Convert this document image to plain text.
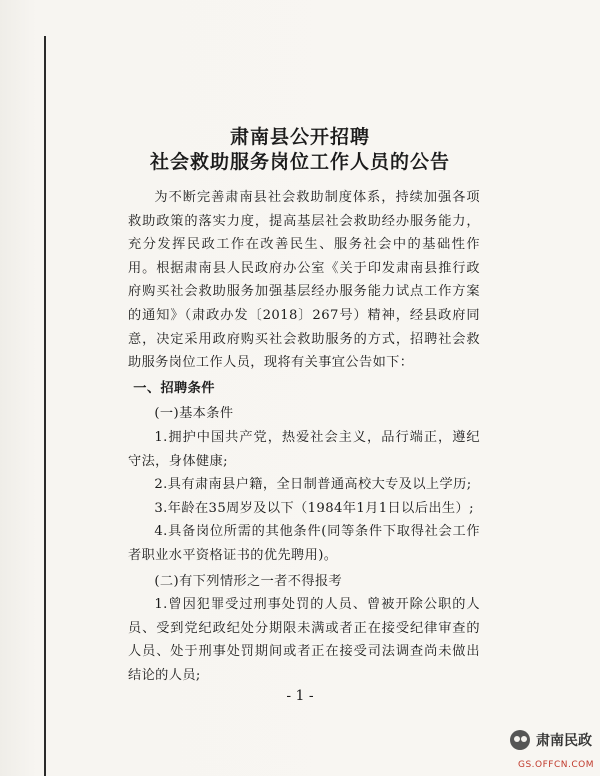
肃南县公开招聘
社会救助服务岗位工作人员的公告

为不断完善肃南县社会救助制度体系，持续加强各项救助政策的落实力度，提高基层社会救助经办服务能力，充分发挥民政工作在改善民生、服务社会中的基础性作用。根据肃南县人民政府办公室《关于印发肃南县推行政府购买社会救助服务加强基层经办服务能力试点工作方案的通知》（肃政办发〔2018〕267号）精神，经县政府同意，决定采用政府购买社会救助服务的方式，招聘社会救助服务岗位工作人员，现将有关事宜公告如下：

一、招聘条件

(一)基本条件

1.拥护中国共产党，热爱社会主义，品行端正，遵纪守法，身体健康;

2.具有肃南县户籍，全日制普通高校大专及以上学历;

3.年龄在35周岁及以下（1984年1月1日以后出生）;

4.具备岗位所需的其他条件(同等条件下取得社会工作者职业水平资格证书的优先聘用)。

(二)有下列情形之一者不得报考

1.曾因犯罪受过刑事处罚的人员、曾被开除公职的人员、受到党纪政纪处分期限未满或者正在接受纪律审查的人员、处于刑事处罚期间或者正在接受司法调查尚未做出结论的人员;

- 1 -
肃南民政
GS.OFFCN.COM
